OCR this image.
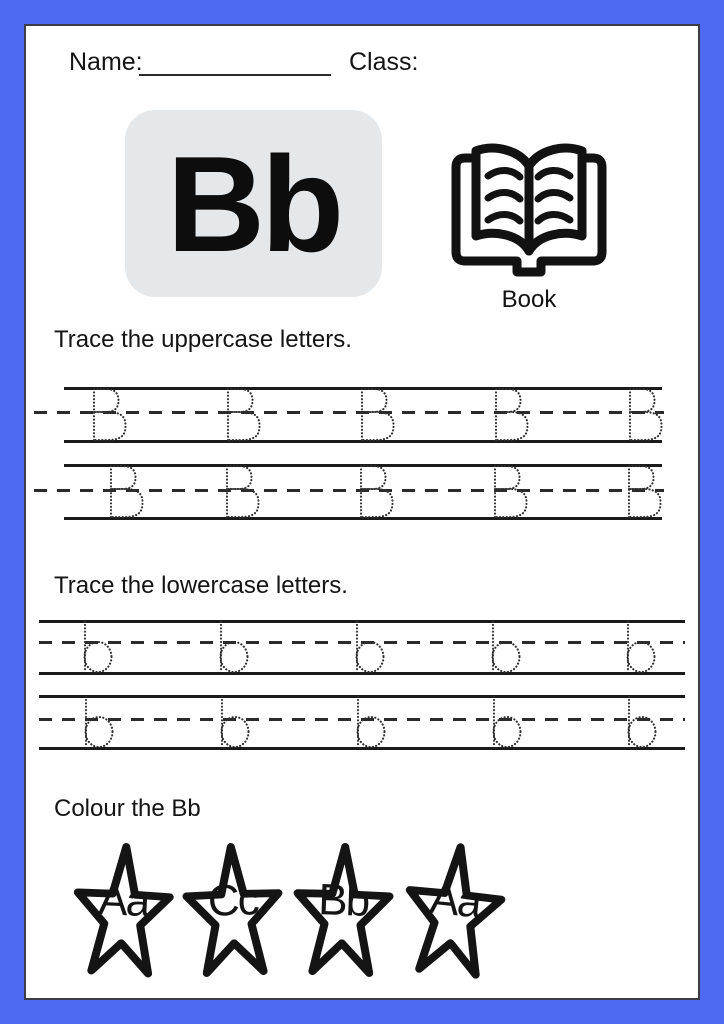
Name:	Class:
Bb
Book
Trace the uppercase letters.
Trace the lowercase letters.
Colour the Bb
Aa Cc Bb Aa
